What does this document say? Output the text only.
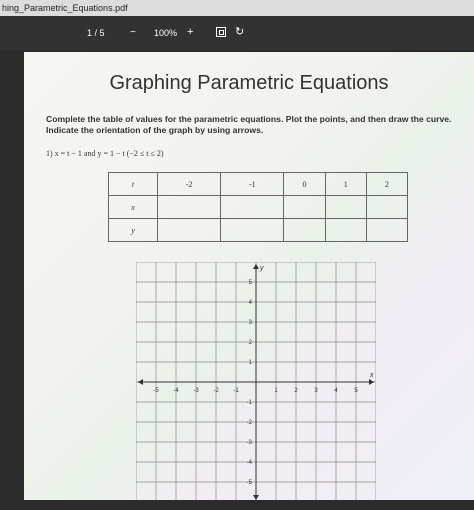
hing_Parametric_Equations.pdf
1 / 5	− 100% +	↻
Graphing Parametric Equations
Complete the table of values for the parametric equations. Plot the points, and then draw the curve. Indicate the orientation of the graph by using arrows.
1) x = t − 1 and y = 1 − t (−2 ≤ t ≤ 2)
t	-2	-1	0	1	2
x					
y					
-5 -4 -3 -2 -1	1	2	3	4	5
5
4
3
2
1
-1
-2
-3
-4
-5
x
y
